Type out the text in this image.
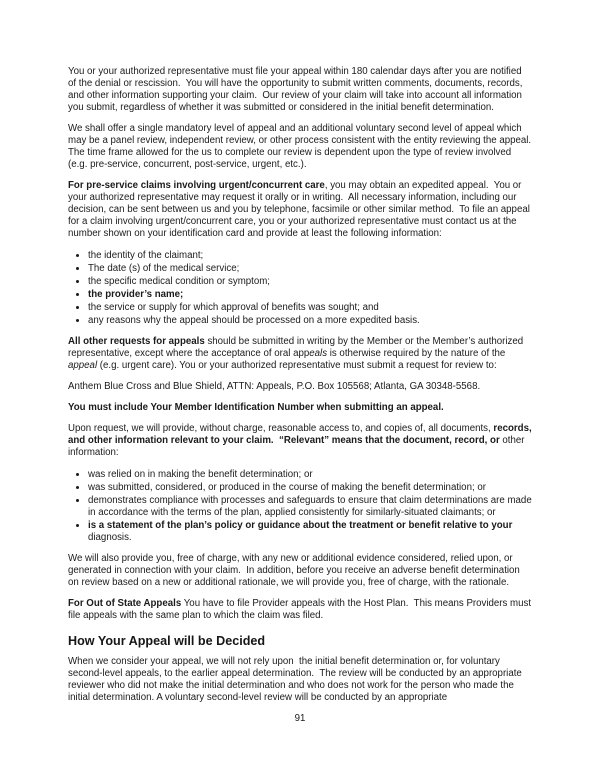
You or your authorized representative must file your appeal within 180 calendar days after you are notified of the denial or rescission.  You will have the opportunity to submit written comments, documents, records, and other information supporting your claim.  Our review of your claim will take into account all information you submit, regardless of whether it was submitted or considered in the initial benefit determination.

We shall offer a single mandatory level of appeal and an additional voluntary second level of appeal which may be a panel review, independent review, or other process consistent with the entity reviewing the appeal.  The time frame allowed for the us to complete our review is dependent upon the type of review involved (e.g. pre-service, concurrent, post-service, urgent, etc.).

For pre-service claims involving urgent/concurrent care, you may obtain an expedited appeal.  You or your authorized representative may request it orally or in writing.  All necessary information, including our decision, can be sent between us and you by telephone, facsimile or other similar method.  To file an appeal for a claim involving urgent/concurrent care, you or your authorized representative must contact us at the number shown on your identification card and provide at least the following information:

• the identity of the claimant;
• The date (s) of the medical service;
• the specific medical condition or symptom;
• the provider’s name;
• the service or supply for which approval of benefits was sought; and
• any reasons why the appeal should be processed on a more expedited basis.

All other requests for appeals should be submitted in writing by the Member or the Member’s authorized representative, except where the acceptance of oral appeals is otherwise required by the nature of the appeal (e.g. urgent care). You or your authorized representative must submit a request for review to:

Anthem Blue Cross and Blue Shield, ATTN: Appeals, P.O. Box 105568; Atlanta, GA 30348-5568.

You must include Your Member Identification Number when submitting an appeal.

Upon request, we will provide, without charge, reasonable access to, and copies of, all documents, records, and other information relevant to your claim.  “Relevant” means that the document, record, or other information:

• was relied on in making the benefit determination; or
• was submitted, considered, or produced in the course of making the benefit determination; or
• demonstrates compliance with processes and safeguards to ensure that claim determinations are made in accordance with the terms of the plan, applied consistently for similarly-situated claimants; or
• is a statement of the plan’s policy or guidance about the treatment or benefit relative to your diagnosis.

We will also provide you, free of charge, with any new or additional evidence considered, relied upon, or generated in connection with your claim.  In addition, before you receive an adverse benefit determination on review based on a new or additional rationale, we will provide you, free of charge, with the rationale.

For Out of State Appeals You have to file Provider appeals with the Host Plan.  This means Providers must file appeals with the same plan to which the claim was filed.

How Your Appeal will be Decided

When we consider your appeal, we will not rely upon  the initial benefit determination or, for voluntary second-level appeals, to the earlier appeal determination.  The review will be conducted by an appropriate reviewer who did not make the initial determination and who does not work for the person who made the initial determination. A voluntary second-level review will be conducted by an appropriate

91
